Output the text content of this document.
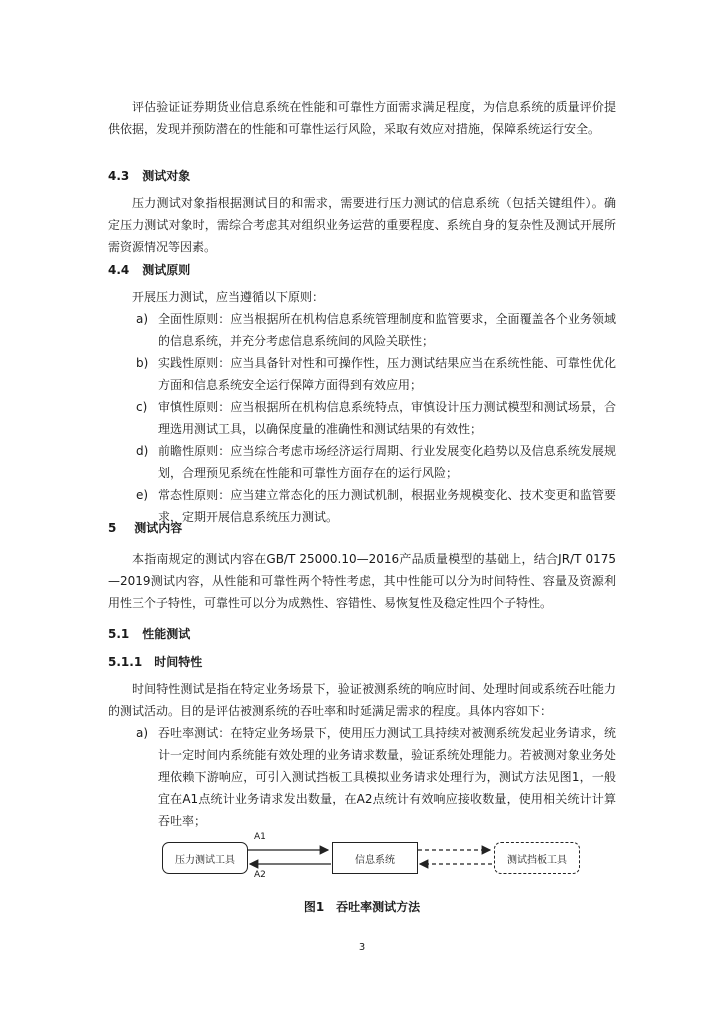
评估验证证券期货业信息系统在性能和可靠性方面需求满足程度，为信息系统的质量评价提供依据，发现并预防潜在的性能和可靠性运行风险，采取有效应对措施，保障系统运行安全。

4.3 测试对象

压力测试对象指根据测试目的和需求，需要进行压力测试的信息系统（包括关键组件）。确定压力测试对象时，需综合考虑其对组织业务运营的重要程度、系统自身的复杂性及测试开展所需资源情况等因素。

4.4 测试原则

开展压力测试，应当遵循以下原则：

a) 全面性原则：应当根据所在机构信息系统管理制度和监管要求，全面覆盖各个业务领域的信息系统，并充分考虑信息系统间的风险关联性；
b) 实践性原则：应当具备针对性和可操作性，压力测试结果应当在系统性能、可靠性优化方面和信息系统安全运行保障方面得到有效应用；
c) 审慎性原则：应当根据所在机构信息系统特点，审慎设计压力测试模型和测试场景，合理选用测试工具，以确保度量的准确性和测试结果的有效性；
d) 前瞻性原则：应当综合考虑市场经济运行周期、行业发展变化趋势以及信息系统发展规划，合理预见系统在性能和可靠性方面存在的运行风险；
e) 常态性原则：应当建立常态化的压力测试机制，根据业务规模变化、技术变更和监管要求，定期开展信息系统压力测试。

5 测试内容

本指南规定的测试内容在GB/T 25000.10—2016产品质量模型的基础上，结合JR/T 0175—2019测试内容，从性能和可靠性两个特性考虑，其中性能可以分为时间特性、容量及资源利用性三个子特性，可靠性可以分为成熟性、容错性、易恢复性及稳定性四个子特性。

5.1 性能测试

5.1.1 时间特性

时间特性测试是指在特定业务场景下，验证被测系统的响应时间、处理时间或系统吞吐能力的测试活动。目的是评估被测系统的吞吐率和时延满足需求的程度。具体内容如下：

a) 吞吐率测试：在特定业务场景下，使用压力测试工具持续对被测系统发起业务请求，统计一定时间内系统能有效处理的业务请求数量，验证系统处理能力。若被测对象业务处理依赖下游响应，可引入测试挡板工具模拟业务请求处理行为，测试方法见图1，一般宜在A1点统计业务请求发出数量，在A2点统计有效响应接收数量，使用相关统计计算吞吐率；
A1
A2
压力测试工具	信息系统	测试挡板工具

图1　吞吐率测试方法

3
